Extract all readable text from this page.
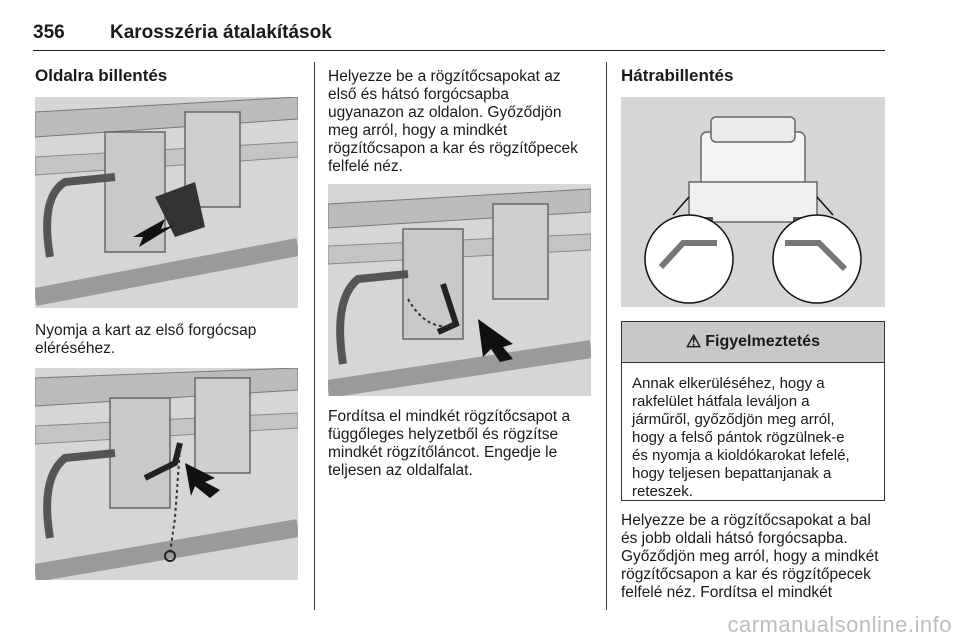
356 Karosszéria átalakítások
Oldalra billentés
Nyomja a kart az első forgócsap
eléréséhez.
Helyezze be a rögzítőcsapokat az
első és hátsó forgócsapba
ugyanazon az oldalon. Győződjön
meg arról, hogy a mindkét
rögzítőcsapon a kar és rögzítőpecek
felfelé néz.
Fordítsa el mindkét rögzítőcsapot a
függőleges helyzetből és rögzítse
mindkét rögzítőláncot. Engedje le
teljesen az oldalfalat.
Hátrabillentés
⚠ Figyelmeztetés
Annak elkerüléséhez, hogy a
rakfelület hátfala leváljon a
járműről, győződjön meg arról,
hogy a felső pántok rögzülnek-e
és nyomja a kioldókarokat lefelé,
hogy teljesen bepattanjanak a
reteszek.
Helyezze be a rögzítőcsapokat a bal
és jobb oldali hátsó forgócsapba.
Győződjön meg arról, hogy a mindkét
rögzítőcsapon a kar és rögzítőpecek
felfelé néz. Fordítsa el mindkét
carmanualsonline.info
